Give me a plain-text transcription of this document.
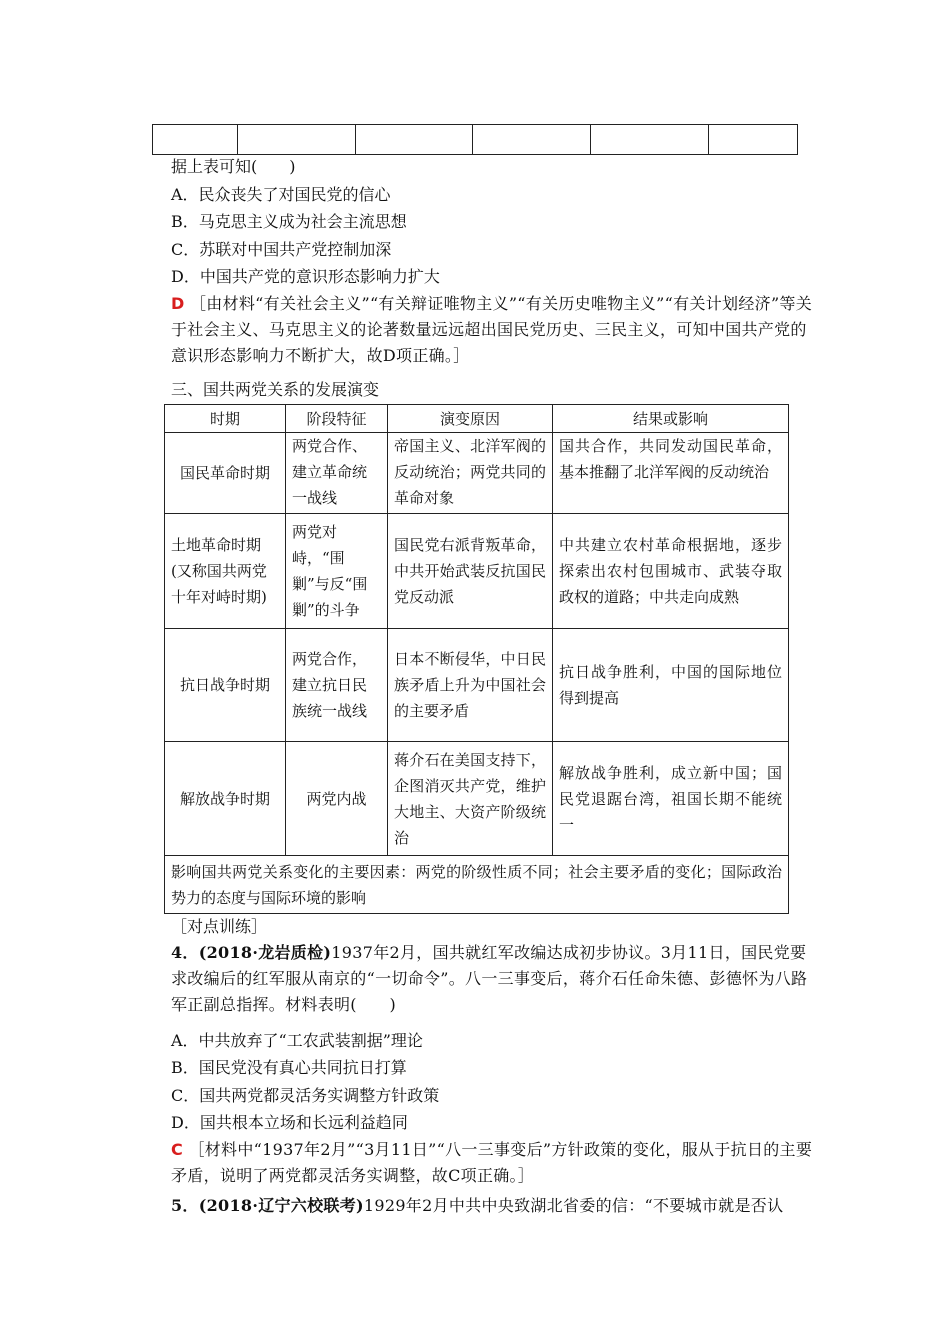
据上表可知(　　)
A．民众丧失了对国民党的信心
B．马克思主义成为社会主流思想
C．苏联对中国共产党控制加深
D．中国共产党的意识形态影响力扩大
D ［由材料“有关社会主义”“有关辩证唯物主义”“有关历史唯物主义”“有关计划经济”等关于社会主义、马克思主义的论著数量远远超出国民党历史、三民主义，可知中国共产党的意识形态影响力不断扩大，故D项正确。］
三、国共两党关系的发展演变
时期	阶段特征	演变原因	结果或影响
国民革命时期	两党合作、建立革命统一战线	帝国主义、北洋军阀的反动统治；两党共同的革命对象	国共合作，共同发动国民革命，基本推翻了北洋军阀的反动统治
土地革命时期(又称国共两党十年对峙时期)	两党对峙，“围剿”与反“围剿”的斗争	国民党右派背叛革命，中共开始武装反抗国民党反动派	中共建立农村革命根据地，逐步探索出农村包围城市、武装夺取政权的道路；中共走向成熟
抗日战争时期	两党合作，建立抗日民族统一战线	日本不断侵华，中日民族矛盾上升为中国社会的主要矛盾	抗日战争胜利，中国的国际地位得到提高
解放战争时期	两党内战	蒋介石在美国支持下，企图消灭共产党，维护大地主、大资产阶级统治	解放战争胜利，成立新中国；国民党退踞台湾，祖国长期不能统一
影响国共两党关系变化的主要因素：两党的阶级性质不同；社会主要矛盾的变化；国际政治势力的态度与国际环境的影响			
［对点训练］
4．(2018·龙岩质检)1937年2月，国共就红军改编达成初步协议。3月11日，国民党要求改编后的红军服从南京的“一切命令”。八一三事变后，蒋介石任命朱德、彭德怀为八路军正副总指挥。材料表明(　　)
A．中共放弃了“工农武装割据”理论
B．国民党没有真心共同抗日打算
C．国共两党都灵活务实调整方针政策
D．国共根本立场和长远利益趋同
C ［材料中“1937年2月”“3月11日”“八一三事变后”方针政策的变化，服从于抗日的主要矛盾，说明了两党都灵活务实调整，故C项正确。］
5．(2018·辽宁六校联考)1929年2月中共中央致湖北省委的信：“不要城市就是否认
